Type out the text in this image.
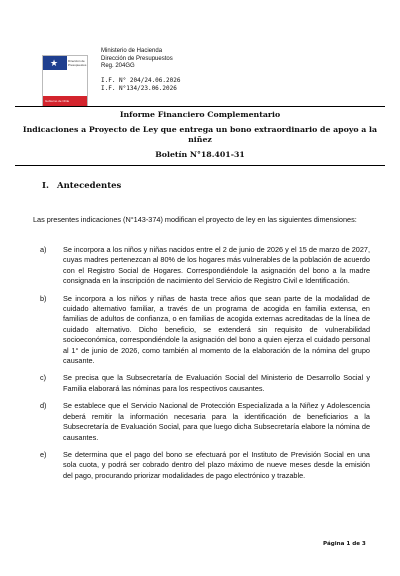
★	Dirección de
Presupuestos
Gobierno de Chile
Ministerio de Hacienda
Dirección de Presupuestos
Reg. 204GG
I.F. N° 204/24.06.2026
I.F. N°134/23.06.2026
Informe Financiero Complementario
Indicaciones a Proyecto de Ley que entrega un bono extraordinario de apoyo a la niñez
Boletín N°18.401-31
I. Antecedentes
Las presentes indicaciones (N°143-374) modifican el proyecto de ley en las siguientes dimensiones:
a) Se incorpora a los niños y niñas nacidos entre el 2 de junio de 2026 y el 15 de marzo de 2027, cuyas madres pertenezcan al 80% de los hogares más vulnerables de la población de acuerdo con el Registro Social de Hogares. Correspondiéndole la asignación del bono a la madre consignada en la inscripción de nacimiento del Servicio de Registro Civil e Identificación.
b) Se incorpora a los niños y niñas de hasta trece años que sean parte de la modalidad de cuidado alternativo familiar, a través de un programa de acogida en familia extensa, en familias de adultos de confianza, o en familias de acogida externas acreditadas de la línea de cuidado alternativo. Dicho beneficio, se extenderá sin requisito de vulnerabilidad socioeconómica, correspondiéndole la asignación del bono a quien ejerza el cuidado personal al 1° de junio de 2026, como también al momento de la elaboración de la nómina del grupo causante.
c) Se precisa que la Subsecretaría de Evaluación Social del Ministerio de Desarrollo Social y Familia elaborará las nóminas para los respectivos causantes.
d) Se establece que el Servicio Nacional de Protección Especializada a la Niñez y Adolescencia deberá remitir la información necesaria para la identificación de beneficiarios a la Subsecretaría de Evaluación Social, para que luego dicha Subsecretaría elabore la nómina de causantes.
e) Se determina que el pago del bono se efectuará por el Instituto de Previsión Social en una sola cuota, y podrá ser cobrado dentro del plazo máximo de nueve meses desde la emisión del pago, procurando priorizar modalidades de pago electrónico y trazable.
Página 1 de 3
